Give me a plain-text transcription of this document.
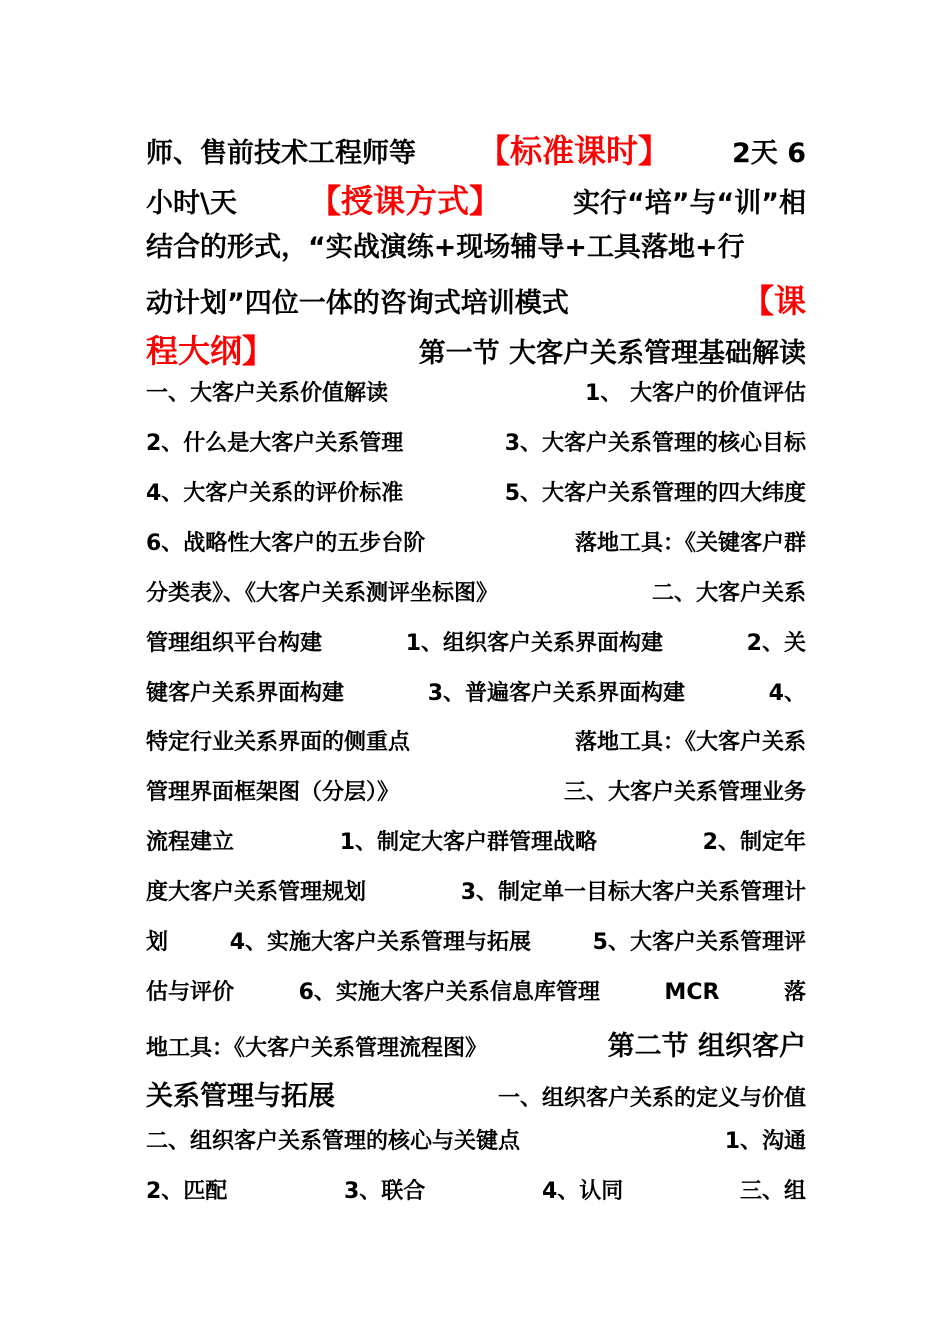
师、售前技术工程师等 【标准课时】 2天 6
小时\天 【授课方式】	实行“培”与“训”相
结合的形式，“实战演练+现场辅导+工具落地+行
动计划”四位一体的咨询式培训模式	【课
程大纲】	第一节 大客户关系管理基础解读
一、大客户关系价值解读	1、 大客户的价值评估
2、什么是大客户关系管理	3、大客户关系管理的核心目标
4、大客户关系的评价标准	5、大客户关系管理的四大纬度
6、战略性大客户的五步台阶	落地工具：《关键客户群
分类表》、《大客户关系测评坐标图》	二、大客户关系
管理组织平台构建	1、组织客户关系界面构建	2、关
键客户关系界面构建	3、普遍客户关系界面构建	4、
特定行业关系界面的侧重点	落地工具：《大客户关系
管理界面框架图（分层）》	三、大客户关系管理业务
流程建立	1、制定大客户群管理战略	2、制定年
度大客户关系管理规划	3、制定单一目标大客户关系管理计
划	4、实施大客户关系管理与拓展	5、大客户关系管理评
估与评价	6、实施大客户关系信息库管理	MCR	落
地工具：《大客户关系管理流程图》	第二节 组织客户
关系管理与拓展	一、组织客户关系的定义与价值
二、组织客户关系管理的核心与关键点	1、沟通
2、匹配	3、联合	4、认同	三、组
